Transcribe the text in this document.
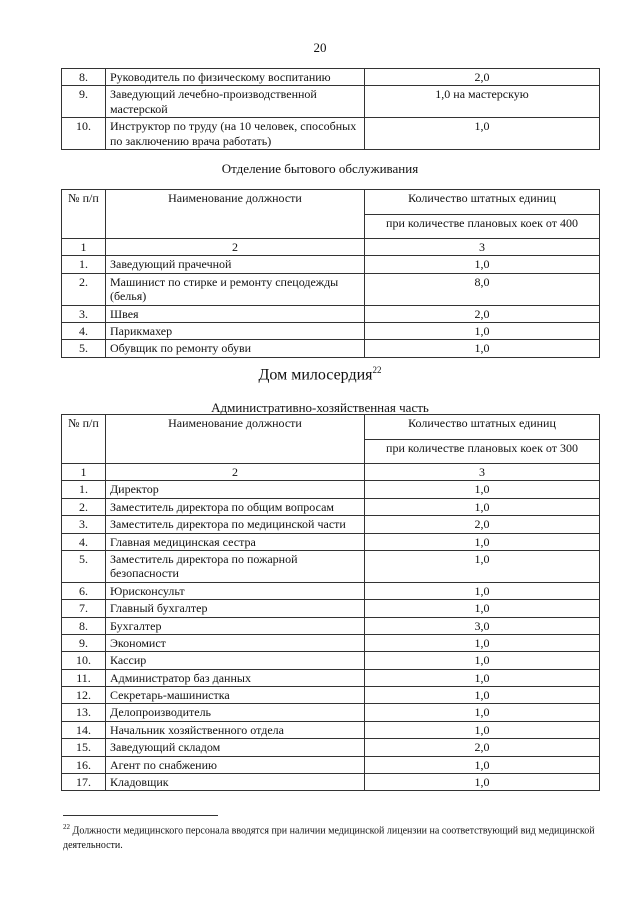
20
8.	Руководитель по физическому воспитанию	2,0
9.	Заведующий лечебно-производственной мастерской	1,0 на мастерскую
10.	Инструктор по труду (на 10 человек, способных по заключению врача работать)	1,0
Отделение бытового обслуживания
№ п/п	Наименование должности	Количество штатных единиц
		при количестве плановых коек от 400
1	2	3
1.	Заведующий прачечной	1,0
2.	Машинист по стирке и ремонту спецодежды (белья)	8,0
3.	Швея	2,0
4.	Парикмахер	1,0
5.	Обувщик по ремонту обуви	1,0
Дом милосердия$^{22}$
Административно-хозяйственная часть
№ п/п	Наименование должности	Количество штатных единиц
		при количестве плановых коек от 300
1	2	3
1.	Директор	1,0
2.	Заместитель директора по общим вопросам	1,0
3.	Заместитель директора по медицинской части	2,0
4.	Главная медицинская сестра	1,0
5.	Заместитель директора по пожарной безопасности	1,0
6.	Юрисконсульт	1,0
7.	Главный бухгалтер	1,0
8.	Бухгалтер	3,0
9.	Экономист	1,0
10.	Кассир	1,0
11.	Администратор баз данных	1,0
12.	Секретарь-машинистка	1,0
13.	Делопроизводитель	1,0
14.	Начальник хозяйственного отдела	1,0
15.	Заведующий складом	2,0
16.	Агент по снабжению	1,0
17.	Кладовщик	1,0
$^{22}$ Должности медицинского персонала вводятся при наличии медицинской лицензии на соответствующий вид медицинской деятельности.
